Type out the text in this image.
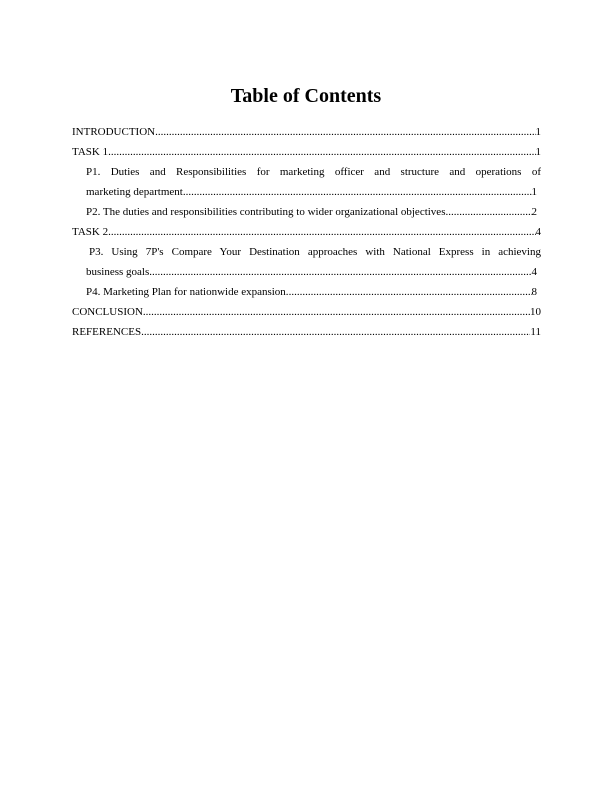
Table of Contents
INTRODUCTION .....	1
TASK 1 .....	1
P1. Duties and Responsibilities for marketing officer and structure and operations of
marketing department. .....	1
P2. The duties and responsibilities contributing to wider organizational objectives .....	2
TASK 2 .....	4
P3. Using 7P's Compare Your Destination approaches with National Express in achieving
business goals .....	4
P4. Marketing Plan for nationwide expansion. .....	8
CONCLUSION .....	10
REFERENCES .....	11
